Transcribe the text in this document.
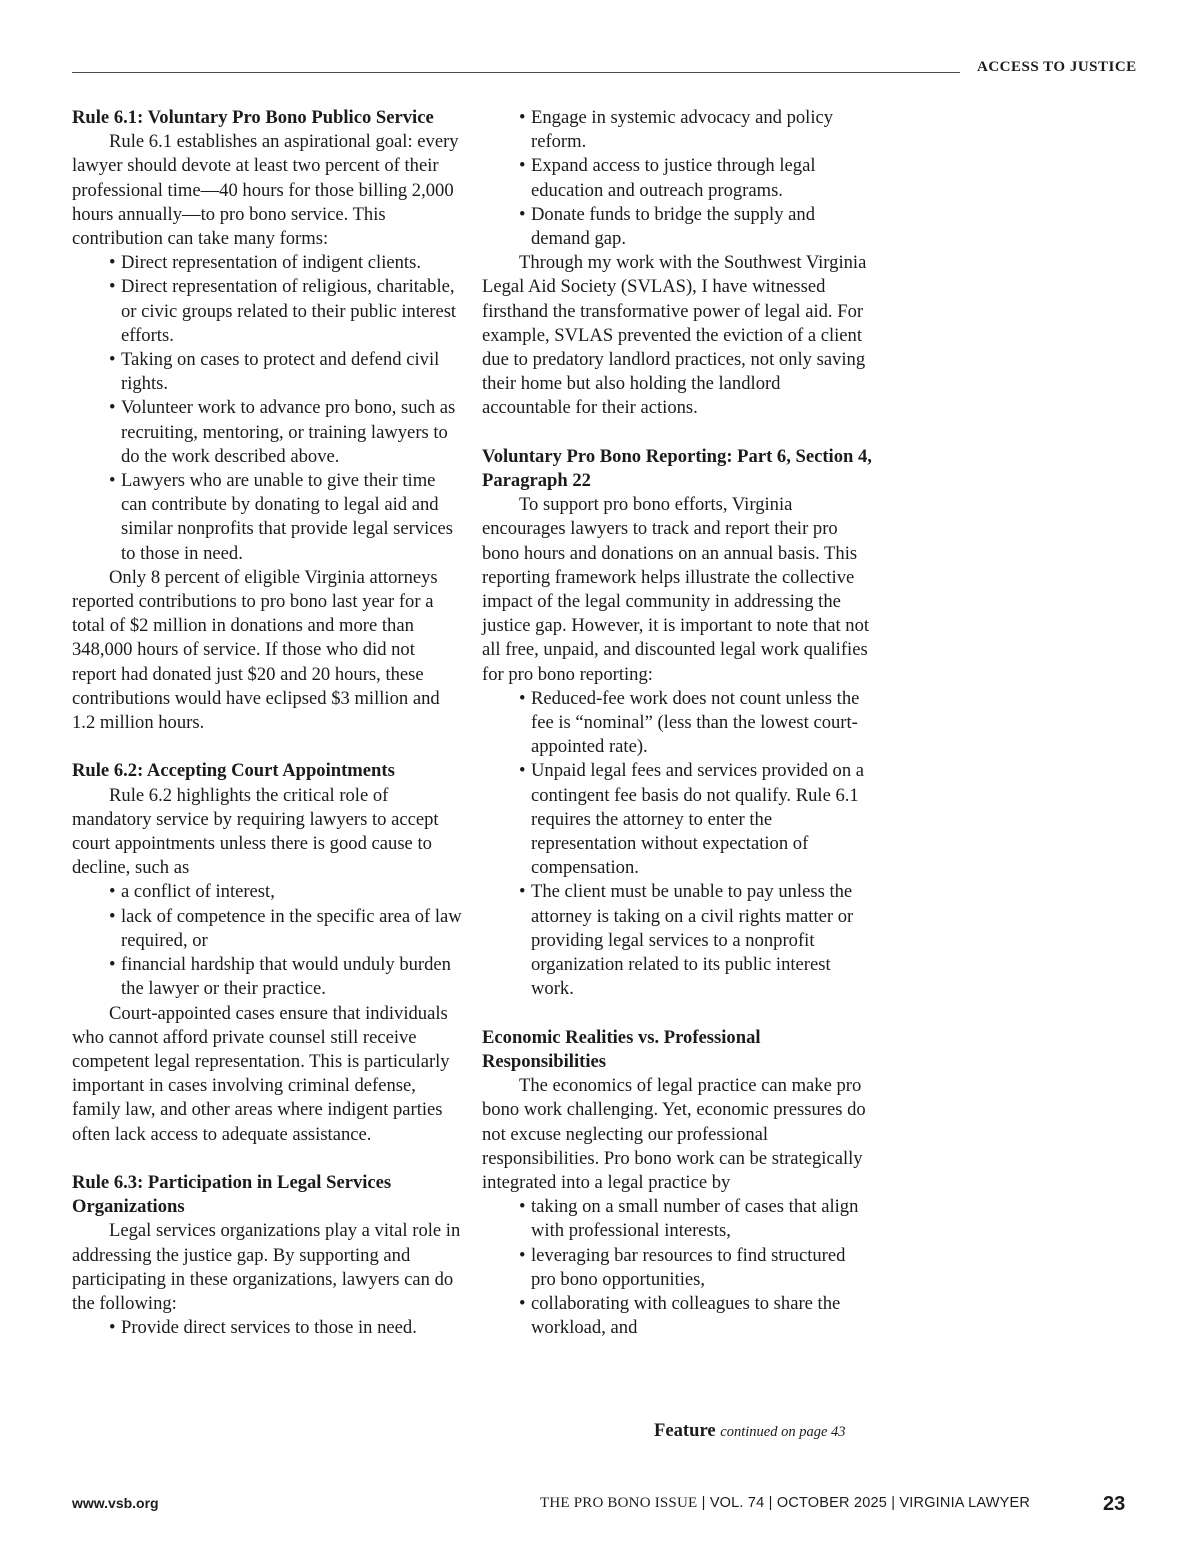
ACCESS TO JUSTICE
Rule 6.1: Voluntary Pro Bono Publico Service

Rule 6.1 establishes an aspirational goal: every lawyer should devote at least two percent of their professional time—40 hours for those billing 2,000 hours annually—to pro bono service. This contribution can take many forms:

• Direct representation of indigent clients.
• Direct representation of religious, charitable, or civic groups related to their public interest efforts.
• Taking on cases to protect and defend civil rights.
• Volunteer work to advance pro bono, such as recruiting, mentoring, or training lawyers to do the work described above.
• Lawyers who are unable to give their time can contribute by donating to legal aid and similar nonprofits that provide legal services to those in need.

Only 8 percent of eligible Virginia attorneys reported contributions to pro bono last year for a total of $2 million in donations and more than 348,000 hours of service. If those who did not report had donated just $20 and 20 hours, these contributions would have eclipsed $3 million and 1.2 million hours.

Rule 6.2: Accepting Court Appointments

Rule 6.2 highlights the critical role of mandatory service by requiring lawyers to accept court appointments unless there is good cause to decline, such as

• a conflict of interest,
• lack of competence in the specific area of law required, or
• financial hardship that would unduly burden the lawyer or their practice.

Court-appointed cases ensure that individuals who cannot afford private counsel still receive competent legal representation. This is particularly important in cases involving criminal defense, family law, and other areas where indigent parties often lack access to adequate assistance.

Rule 6.3: Participation in Legal Services Organizations

Legal services organizations play a vital role in addressing the justice gap. By supporting and participating in these organizations, lawyers can do the following:

• Provide direct services to those in need.
• Engage in systemic advocacy and policy reform.
• Expand access to justice through legal education and outreach programs.
• Donate funds to bridge the supply and demand gap.

Through my work with the Southwest Virginia Legal Aid Society (SVLAS), I have witnessed firsthand the transformative power of legal aid. For example, SVLAS prevented the eviction of a client due to predatory landlord practices, not only saving their home but also holding the landlord accountable for their actions.

Voluntary Pro Bono Reporting: Part 6, Section 4, Paragraph 22

To support pro bono efforts, Virginia encourages lawyers to track and report their pro bono hours and donations on an annual basis. This reporting framework helps illustrate the collective impact of the legal community in addressing the justice gap. However, it is important to note that not all free, unpaid, and discounted legal work qualifies for pro bono reporting:

• Reduced-fee work does not count unless the fee is “nominal” (less than the lowest court-appointed rate).
• Unpaid legal fees and services provided on a contingent fee basis do not qualify. Rule 6.1 requires the attorney to enter the representation without expectation of compensation.
• The client must be unable to pay unless the attorney is taking on a civil rights matter or providing legal services to a nonprofit organization related to its public interest work.
Economic Realities vs. Professional Responsibilities

The economics of legal practice can make pro bono work challenging. Yet, economic pressures do not excuse neglecting our professional responsibilities. Pro bono work can be strategically integrated into a legal practice by

• taking on a small number of cases that align with professional interests,
• leveraging bar resources to find structured pro bono opportunities,
• collaborating with colleagues to share the workload, and
Feature continued on page 43
www.vsb.org	THE PRO BONO ISSUE | VOL. 74 | OCTOBER 2025 | VIRGINIA LAWYER	23
